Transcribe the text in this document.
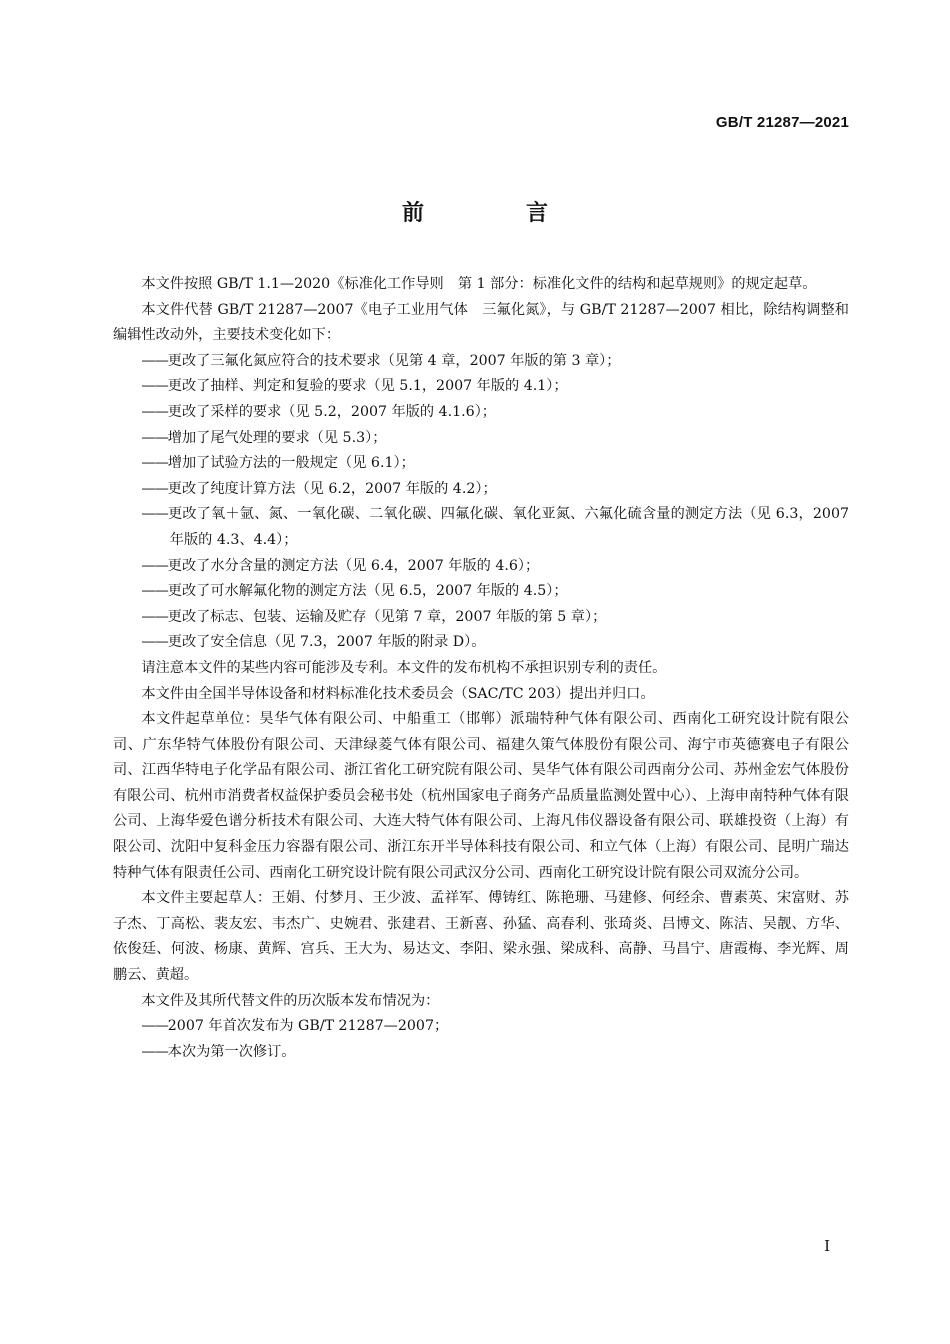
GB/T 21287—2021
前　言

本文件按照 GB/T 1.1—2020《标准化工作导则　第 1 部分：标准化文件的结构和起草规则》的规定起草。

本文件代替 GB/T 21287—2007《电子工业用气体　三氟化氮》，与 GB/T 21287—2007 相比，除结构调整和编辑性改动外，主要技术变化如下：

——更改了三氟化氮应符合的技术要求（见第 4 章，2007 年版的第 3 章）；

——更改了抽样、判定和复验的要求（见 5.1，2007 年版的 4.1）；

——更改了采样的要求（见 5.2，2007 年版的 4.1.6）；

——增加了尾气处理的要求（见 5.3）；

——增加了试验方法的一般规定（见 6.1）；

——更改了纯度计算方法（见 6.2，2007 年版的 4.2）；

——更改了氧＋氩、氮、一氧化碳、二氧化碳、四氟化碳、氧化亚氮、六氟化硫含量的测定方法（见 6.3，2007 年版的 4.3、4.4）；

——更改了水分含量的测定方法（见 6.4，2007 年版的 4.6）；

——更改了可水解氟化物的测定方法（见 6.5，2007 年版的 4.5）；

——更改了标志、包装、运输及贮存（见第 7 章，2007 年版的第 5 章）；

——更改了安全信息（见 7.3，2007 年版的附录 D）。

请注意本文件的某些内容可能涉及专利。本文件的发布机构不承担识别专利的责任。

本文件由全国半导体设备和材料标准化技术委员会（SAC/TC 203）提出并归口。

本文件起草单位：昊华气体有限公司、中船重工（邯郸）派瑞特种气体有限公司、西南化工研究设计院有限公司、广东华特气体股份有限公司、天津绿菱气体有限公司、福建久策气体股份有限公司、海宁市英德赛电子有限公司、江西华特电子化学品有限公司、浙江省化工研究院有限公司、昊华气体有限公司西南分公司、苏州金宏气体股份有限公司、杭州市消费者权益保护委员会秘书处（杭州国家电子商务产品质量监测处置中心）、上海申南特种气体有限公司、上海华爱色谱分析技术有限公司、大连大特气体有限公司、上海凡伟仪器设备有限公司、联雄投资（上海）有限公司、沈阳中复科金压力容器有限公司、浙江东开半导体科技有限公司、和立气体（上海）有限公司、昆明广瑞达特种气体有限责任公司、西南化工研究设计院有限公司武汉分公司、西南化工研究设计院有限公司双流分公司。

本文件主要起草人：王娟、付梦月、王少波、孟祥军、傅铸红、陈艳珊、马建修、何经余、曹素英、宋富财、苏子杰、丁高松、裴友宏、韦杰广、史婉君、张建君、王新喜、孙猛、高春利、张琦炎、吕博文、陈洁、吴靓、方华、依俊廷、何波、杨康、黄辉、宫兵、王大为、易达文、李阳、梁永强、梁成科、高静、马昌宁、唐霞梅、李光辉、周鹏云、黄超。

本文件及其所代替文件的历次版本发布情况为：

——2007 年首次发布为 GB/T 21287—2007；

——本次为第一次修订。

I
